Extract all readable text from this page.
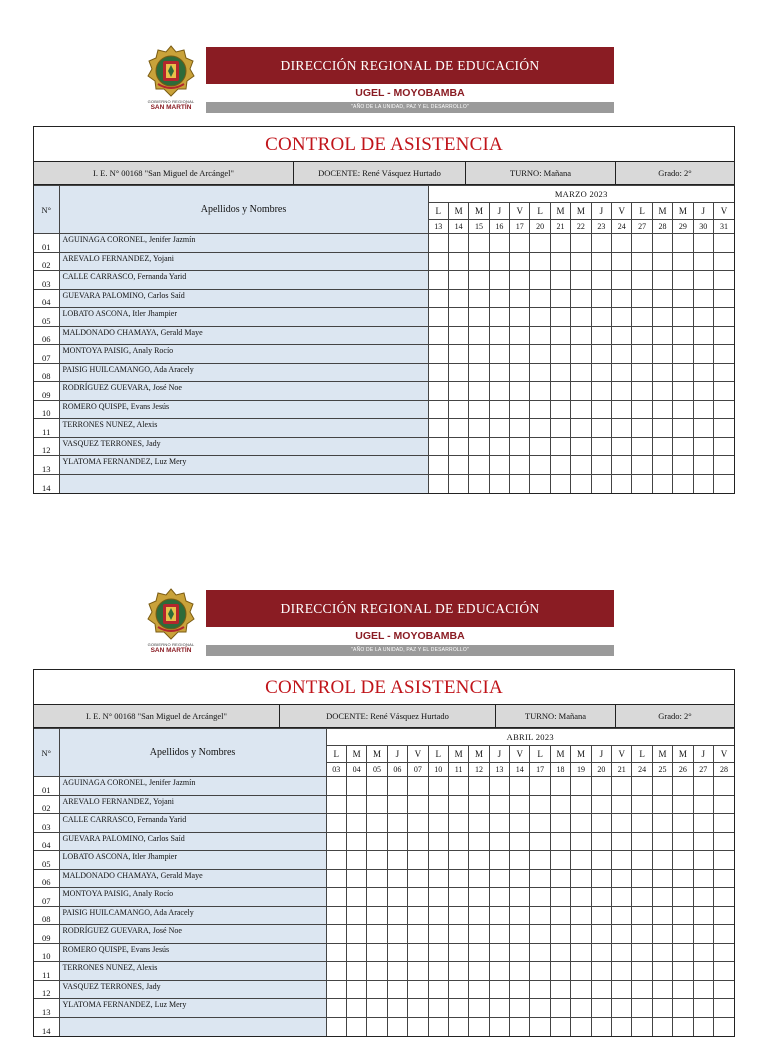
GOBIERNO REGIONAL
SAN MARTÍN
DIRECCIÓN REGIONAL DE EDUCACIÓN
UGEL - MOYOBAMBA
"AÑO DE LA UNIDAD, PAZ Y EL DESARROLLO"
CONTROL DE ASISTENCIA
I. E. N° 00168 "San Miguel de Arcángel"	DOCENTE: René Vásquez Hurtado	TURNO: Mañana	Grado: 2°
N°	Apellidos y Nombres	MARZO 2023														
		L	M	M	J	V	L	M	M	J	V	L	M	M	J	V
		13	14	15	16	17	20	21	22	23	24	27	28	29	30	31
01	AGUINAGA CORONEL, Jenifer Jazmín															
02	AREVALO FERNANDEZ, Yojani															
03	CALLE CARRASCO, Fernanda Yarid															
04	GUEVARA PALOMINO, Carlos Saíd															
05	LOBATO ASCONA, Itler Jhampier															
06	MALDONADO CHAMAYA, Gerald Maye															
07	MONTOYA PAISIG, Analy Rocío															
08	PAISIG HUILCAMANGO, Ada Aracely															
09	RODRÍGUEZ GUEVARA, José Noe															
10	ROMERO QUISPE, Evans Jesús															
11	TERRONES NUNEZ, Alexis															
12	VASQUEZ TERRONES, Jady															
13	YLATOMA FERNANDEZ, Luz Mery															
14																
GOBIERNO REGIONAL
SAN MARTÍN
DIRECCIÓN REGIONAL DE EDUCACIÓN
UGEL - MOYOBAMBA
"AÑO DE LA UNIDAD, PAZ Y EL DESARROLLO"
CONTROL DE ASISTENCIA
I. E. N° 00168 "San Miguel de Arcángel"	DOCENTE: René Vásquez Hurtado	TURNO: Mañana	Grado: 2°
N°	Apellidos y Nombres	ABRIL 2023																			
		L	M	M	J	V	L	M	M	J	V	L	M	M	J	V	L	M	M	J	V
		03	04	05	06	07	10	11	12	13	14	17	18	19	20	21	24	25	26	27	28
01	AGUINAGA CORONEL, Jenifer Jazmín																				
02	AREVALO FERNANDEZ, Yojani																				
03	CALLE CARRASCO, Fernanda Yarid																				
04	GUEVARA PALOMINO, Carlos Saíd																				
05	LOBATO ASCONA, Itler Jhampier																				
06	MALDONADO CHAMAYA, Gerald Maye																				
07	MONTOYA PAISIG, Analy Rocío																				
08	PAISIG HUILCAMANGO, Ada Aracely																				
09	RODRÍGUEZ GUEVARA, José Noe																				
10	ROMERO QUISPE, Evans Jesús																				
11	TERRONES NUNEZ, Alexis																				
12	VASQUEZ TERRONES, Jady																				
13	YLATOMA FERNANDEZ, Luz Mery																				
14																					
